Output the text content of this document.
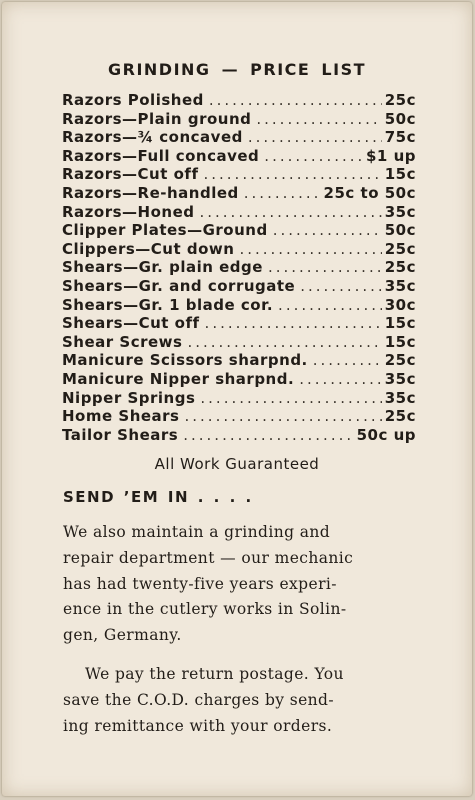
GRINDING — PRICE LIST
Razors Polished .....	25c
Razors—Plain ground .....	50c
Razors—¾ concaved .....	75c
Razors—Full concaved .....	$1 up
Razors—Cut off .....	15c
Razors—Re-handled .....	25c to 50c
Razors—Honed .....	35c
Clipper Plates—Ground .....	50c
Clippers—Cut down .....	25c
Shears—Gr. plain edge .....	25c
Shears—Gr. and corrugate .....	35c
Shears—Gr. 1 blade cor. .....	30c
Shears—Cut off .....	15c
Shear Screws .....	15c
Manicure Scissors sharpnd. .....	25c
Manicure Nipper sharpnd. .....	35c
Nipper Springs .....	35c
Home Shears .....	25c
Tailor Shears .....	50c up
All Work Guaranteed
SEND ’EM IN . . . .
We also maintain a grinding and
repair department — our mechanic
has had twenty-five years experi-
ence in the cutlery works in Solin-
gen, Germany.
We pay the return postage. You
save the C.O.D. charges by send-
ing remittance with your orders.
